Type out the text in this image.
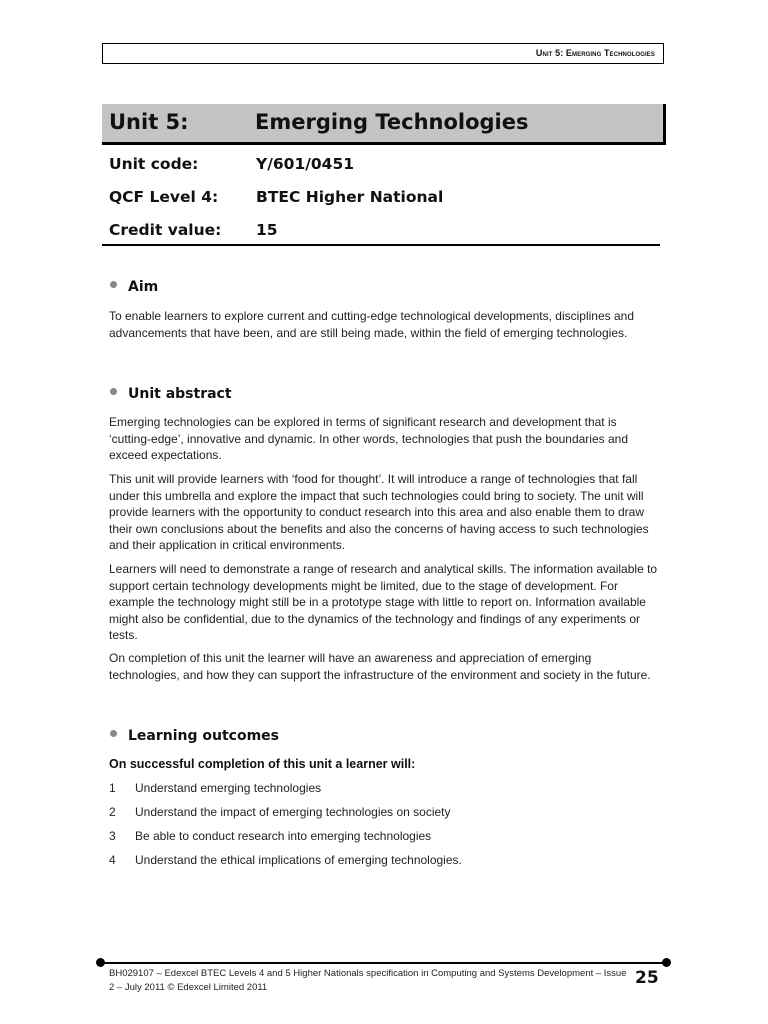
Unit 5: Emerging Technologies
Unit 5:	Emerging Technologies
Unit code:	Y/601/0451
QCF Level 4: BTEC Higher National
Credit value: 15
Aim

To enable learners to explore current and cutting-edge technological developments, disciplines and advancements that have been, and are still being made, within the field of emerging technologies.

Unit abstract

Emerging technologies can be explored in terms of significant research and development that is ‘cutting-edge’, innovative and dynamic. In other words, technologies that push the boundaries and exceed expectations.

This unit will provide learners with ‘food for thought’. It will introduce a range of technologies that fall under this umbrella and explore the impact that such technologies could bring to society. The unit will provide learners with the opportunity to conduct research into this area and also enable them to draw their own conclusions about the benefits and also the concerns of having access to such technologies and their application in critical environments.

Learners will need to demonstrate a range of research and analytical skills. The information available to support certain technology developments might be limited, due to the stage of development. For example the technology might still be in a prototype stage with little to report on. Information available might also be confidential, due to the dynamics of the technology and findings of any experiments or tests.

On completion of this unit the learner will have an awareness and appreciation of emerging technologies, and how they can support the infrastructure of the environment and society in the future.

Learning outcomes
On successful completion of this unit a learner will:
1 Understand emerging technologies
2 Understand the impact of emerging technologies on society
3 Be able to conduct research into emerging technologies
4 Understand the ethical implications of emerging technologies.
BH029107 – Edexcel BTEC Levels 4 and 5 Higher Nationals specification in Computing and Systems Development – Issue 2 – July 2011 © Edexcel Limited 2011	25
